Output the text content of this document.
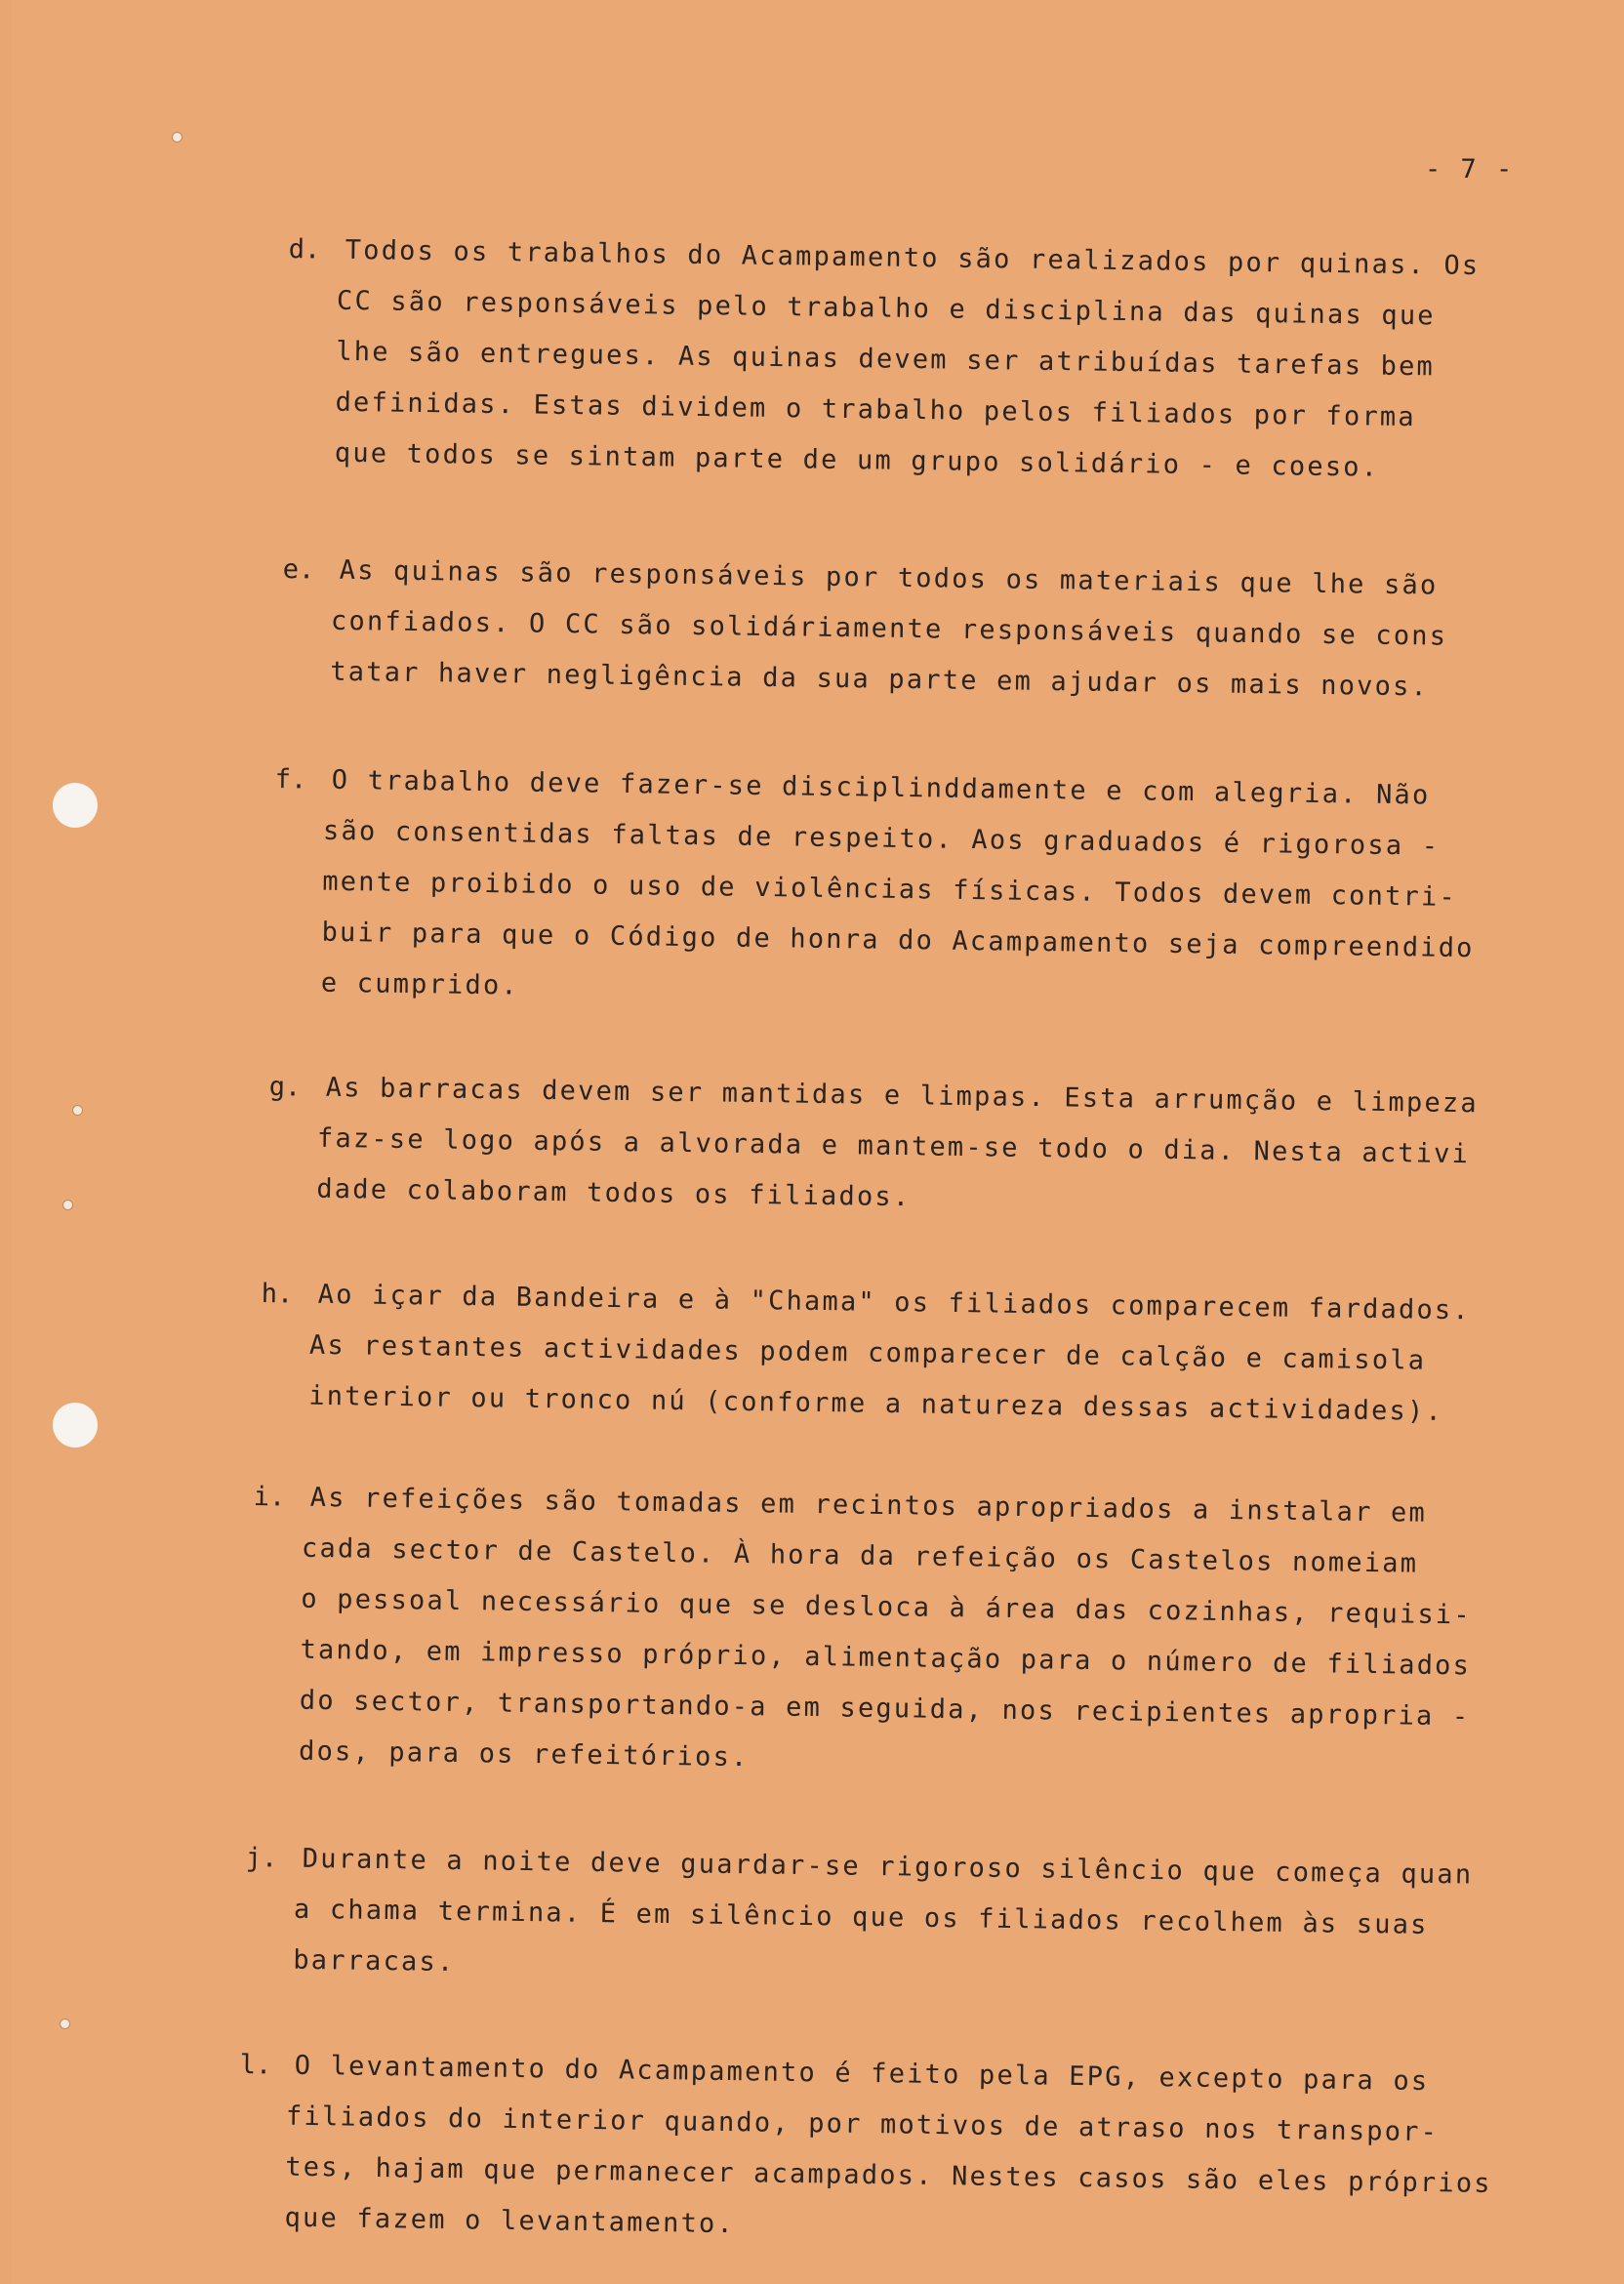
- 7 -
d. Todos os trabalhos do Acampamento são realizados por quinas. Os
CC são responsáveis pelo trabalho e disciplina das quinas que
lhe são entregues. As quinas devem ser atribuídas tarefas bem
definidas. Estas dividem o trabalho pelos filiados por forma
que todos se sintam parte de um grupo solidário - e coeso.
e. As quinas são responsáveis por todos os materiais que lhe são
confiados. O CC são solidáriamente responsáveis quando se cons
tatar haver negligência da sua parte em ajudar os mais novos.
f. O trabalho deve fazer-se disciplinddamente e com alegria. Não
são consentidas faltas de respeito. Aos graduados é rigorosa -
mente proibido o uso de violências físicas. Todos devem contri-
buir para que o Código de honra do Acampamento seja compreendido
e cumprido.
g. As barracas devem ser mantidas e limpas. Esta arrumção e limpeza
faz-se logo após a alvorada e mantem-se todo o dia. Nesta activi
dade colaboram todos os filiados.
h. Ao içar da Bandeira e à "Chama" os filiados comparecem fardados.
As restantes actividades podem comparecer de calção e camisola
interior ou tronco nú (conforme a natureza dessas actividades).
i. As refeições são tomadas em recintos apropriados a instalar em
cada sector de Castelo. À hora da refeição os Castelos nomeiam
o pessoal necessário que se desloca à área das cozinhas, requisi-
tando, em impresso próprio, alimentação para o número de filiados
do sector, transportando-a em seguida, nos recipientes apropria -
dos, para os refeitórios.
j. Durante a noite deve guardar-se rigoroso silêncio que começa quan
a chama termina. É em silêncio que os filiados recolhem às suas
barracas.
l. O levantamento do Acampamento é feito pela EPG, excepto para os
filiados do interior quando, por motivos de atraso nos transpor-
tes, hajam que permanecer acampados. Nestes casos são eles próprios
que fazem o levantamento.
